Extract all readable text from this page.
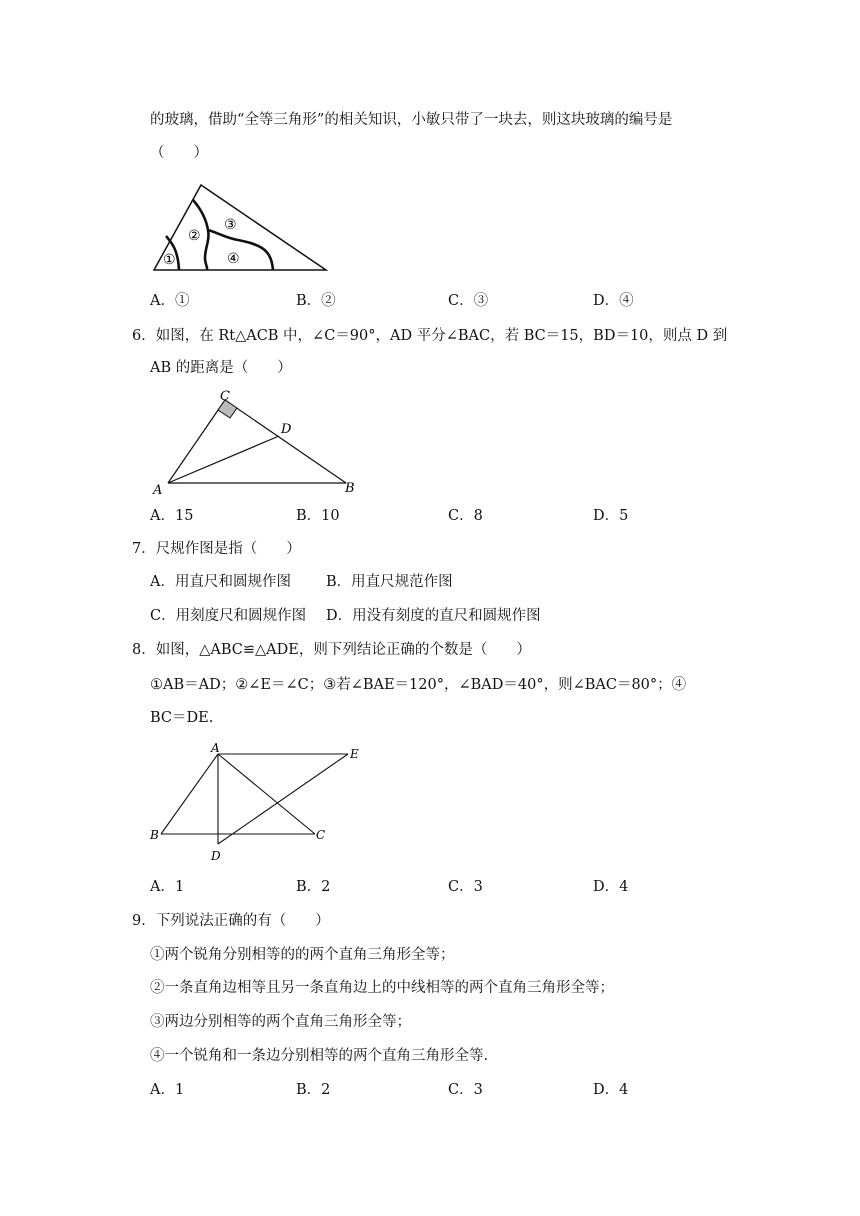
的玻璃，借助“全等三角形”的相关知识，小敏只带了一块去，则这块玻璃的编号是
（　　）
①
②
③
④
A．①	B．②	C．③	D．④
6．如图，在 Rt△ACB 中，∠C＝90°，AD 平分∠BAC，若 BC＝15，BD＝10，则点 D 到
AB 的距离是（　　）
C
D
A	B
A．15	B．10	C．8	D．5
7．尺规作图是指（　　）
A．用直尺和圆规作图 B．用直尺规范作图
C．用刻度尺和圆规作图 D．用没有刻度的直尺和圆规作图
8．如图，△ABC≌△ADE，则下列结论正确的个数是（　　）
①AB＝AD；②∠E＝∠C；③若∠BAE＝120°，∠BAD＝40°，则∠BAC＝80°；④
BC＝DE.
A	E
B	C
D
A．1	B．2	C．3	D．4
9．下列说法正确的有（　　）
①两个锐角分别相等的的两个直角三角形全等；
②一条直角边相等且另一条直角边上的中线相等的两个直角三角形全等；
③两边分别相等的两个直角三角形全等；
④一个锐角和一条边分别相等的两个直角三角形全等.
A．1	B．2	C．3	D．4
